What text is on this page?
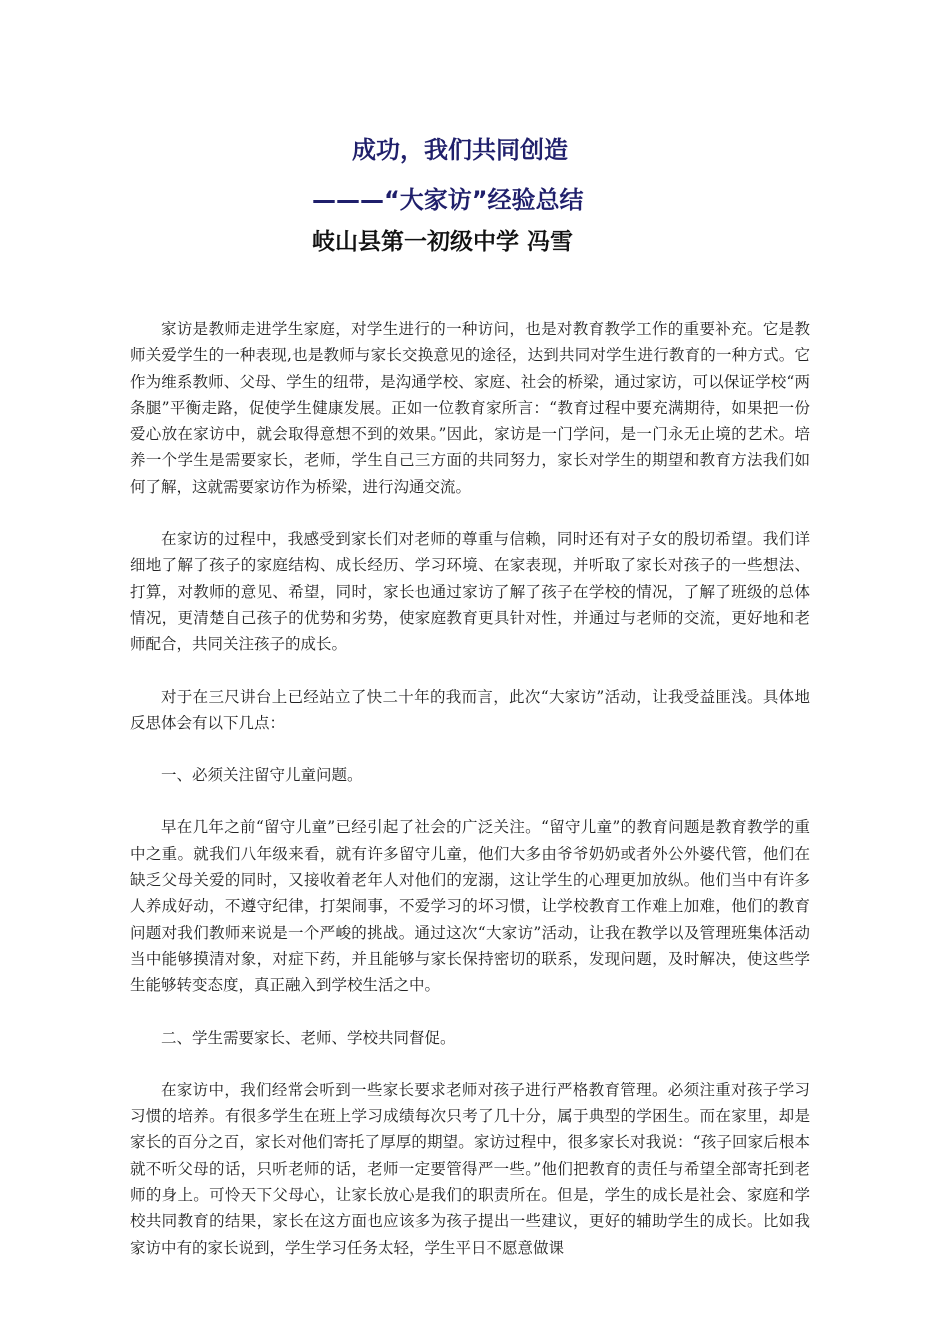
成功，我们共同创造
———“大家访”经验总结
岐山县第一初级中学 冯雪

家访是教师走进学生家庭，对学生进行的一种访问，也是对教育教学工作的重要补充。它是教师关爱学生的一种表现,也是教师与家长交换意见的途径，达到共同对学生进行教育的一种方式。它作为维系教师、父母、学生的纽带，是沟通学校、家庭、社会的桥梁，通过家访，可以保证学校“两条腿”平衡走路，促使学生健康发展。正如一位教育家所言：“教育过程中要充满期待，如果把一份爱心放在家访中，就会取得意想不到的效果。”因此，家访是一门学问，是一门永无止境的艺术。培养一个学生是需要家长，老师，学生自己三方面的共同努力，家长对学生的期望和教育方法我们如何了解，这就需要家访作为桥梁，进行沟通交流。

在家访的过程中，我感受到家长们对老师的尊重与信赖，同时还有对子女的殷切希望。我们详细地了解了孩子的家庭结构、成长经历、学习环境、在家表现，并听取了家长对孩子的一些想法、打算，对教师的意见、希望，同时，家长也通过家访了解了孩子在学校的情况，了解了班级的总体情况，更清楚自己孩子的优势和劣势，使家庭教育更具针对性，并通过与老师的交流，更好地和老师配合，共同关注孩子的成长。

对于在三尺讲台上已经站立了快二十年的我而言，此次“大家访”活动，让我受益匪浅。具体地反思体会有以下几点：

一、必须关注留守儿童问题。

早在几年之前“留守儿童”已经引起了社会的广泛关注。“留守儿童”的教育问题是教育教学的重中之重。就我们八年级来看，就有许多留守儿童，他们大多由爷爷奶奶或者外公外婆代管，他们在缺乏父母关爱的同时，又接收着老年人对他们的宠溺，这让学生的心理更加放纵。他们当中有许多人养成好动，不遵守纪律，打架闹事，不爱学习的坏习惯，让学校教育工作难上加难，他们的教育问题对我们教师来说是一个严峻的挑战。通过这次“大家访”活动，让我在教学以及管理班集体活动当中能够摸清对象，对症下药，并且能够与家长保持密切的联系，发现问题，及时解决，使这些学生能够转变态度，真正融入到学校生活之中。

二、学生需要家长、老师、学校共同督促。

在家访中，我们经常会听到一些家长要求老师对孩子进行严格教育管理。必须注重对孩子学习习惯的培养。有很多学生在班上学习成绩每次只考了几十分，属于典型的学困生。而在家里，却是家长的百分之百，家长对他们寄托了厚厚的期望。家访过程中，很多家长对我说：“孩子回家后根本就不听父母的话，只听老师的话，老师一定要管得严一些。”他们把教育的责任与希望全部寄托到老师的身上。可怜天下父母心，让家长放心是我们的职责所在。但是，学生的成长是社会、家庭和学校共同教育的结果，家长在这方面也应该多为孩子提出一些建议，更好的辅助学生的成长。比如我家访中有的家长说到，学生学习任务太轻，学生平日不愿意做课
